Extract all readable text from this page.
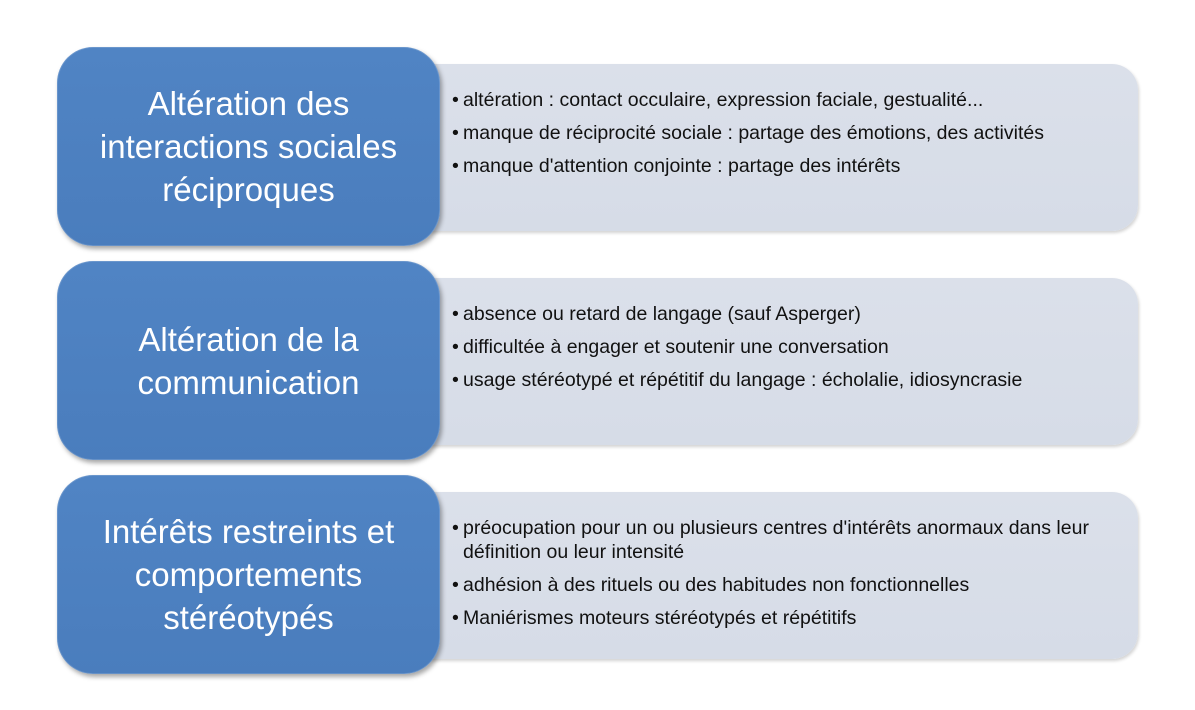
• altération : contact occulaire, expression faciale, gestualité...
• manque de réciprocité sociale : partage des émotions, des activités
• manque d'attention conjointe : partage des intérêts
Altération des interactions sociales réciproques
• absence ou retard de langage (sauf Asperger)
• difficultée à engager et soutenir une conversation
• usage stéréotypé et répétitif du langage : écholalie, idiosyncrasie
Altération de la communication
• préocupation pour un ou plusieurs centres d'intérêts anormaux dans leur définition ou leur intensité
• adhésion à des rituels ou des habitudes non fonctionnelles
• Maniérismes moteurs stéréotypés et répétitifs
Intérêts restreints et comportements stéréotypés
